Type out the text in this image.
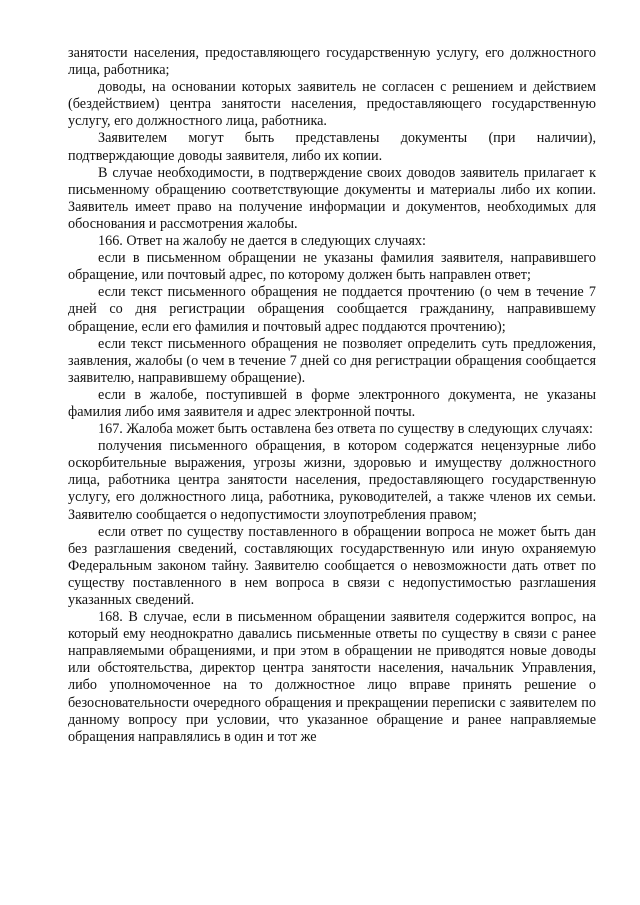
занятости населения, предоставляющего государственную услугу, его должностного лица, работника;

доводы, на основании которых заявитель не согласен с решением и действием (бездействием) центра занятости населения, предоставляющего государственную услугу, его должностного лица, работника.

Заявителем могут быть представлены документы (при наличии), подтверждающие доводы заявителя, либо их копии.

В случае необходимости, в подтверждение своих доводов заявитель прилагает к письменному обращению соответствующие документы и материалы либо их копии. Заявитель имеет право на получение информации и документов, необходимых для обоснования и рассмотрения жалобы.

166. Ответ на жалобу не дается в следующих случаях:

если в письменном обращении не указаны фамилия заявителя, направившего обращение, или почтовый адрес, по которому должен быть направлен ответ;

если текст письменного обращения не поддается прочтению (о чем в течение 7 дней со дня регистрации обращения сообщается гражданину, направившему обращение, если его фамилия и почтовый адрес поддаются прочтению);

если текст письменного обращения не позволяет определить суть предложения, заявления, жалобы (о чем в течение 7 дней со дня регистрации обращения сообщается заявителю, направившему обращение).

если в жалобе, поступившей в форме электронного документа, не указаны фамилия либо имя заявителя и адрес электронной почты.

167. Жалоба может быть оставлена без ответа по существу в следующих случаях:

получения письменного обращения, в котором содержатся нецензурные либо оскорбительные выражения, угрозы жизни, здоровью и имуществу должностного лица, работника центра занятости населения, предоставляющего государственную услугу, его должностного лица, работника, руководителей, а также членов их семьи. Заявителю сообщается о недопустимости злоупотребления правом;

если ответ по существу поставленного в обращении вопроса не может быть дан без разглашения сведений, составляющих государственную или иную охраняемую Федеральным законом тайну. Заявителю сообщается о невозможности дать ответ по существу поставленного в нем вопроса в связи с недопустимостью разглашения указанных сведений.

168. В случае, если в письменном обращении заявителя содержится вопрос, на который ему неоднократно давались письменные ответы по существу в связи с ранее направляемыми обращениями, и при этом в обращении не приводятся новые доводы или обстоятельства, директор центра занятости населения, начальник Управления, либо уполномоченное на то должностное лицо вправе принять решение о безосновательности очередного обращения и прекращении переписки с заявителем по данному вопросу при условии, что указанное обращение и ранее направляемые обращения направлялись в один и тот же
